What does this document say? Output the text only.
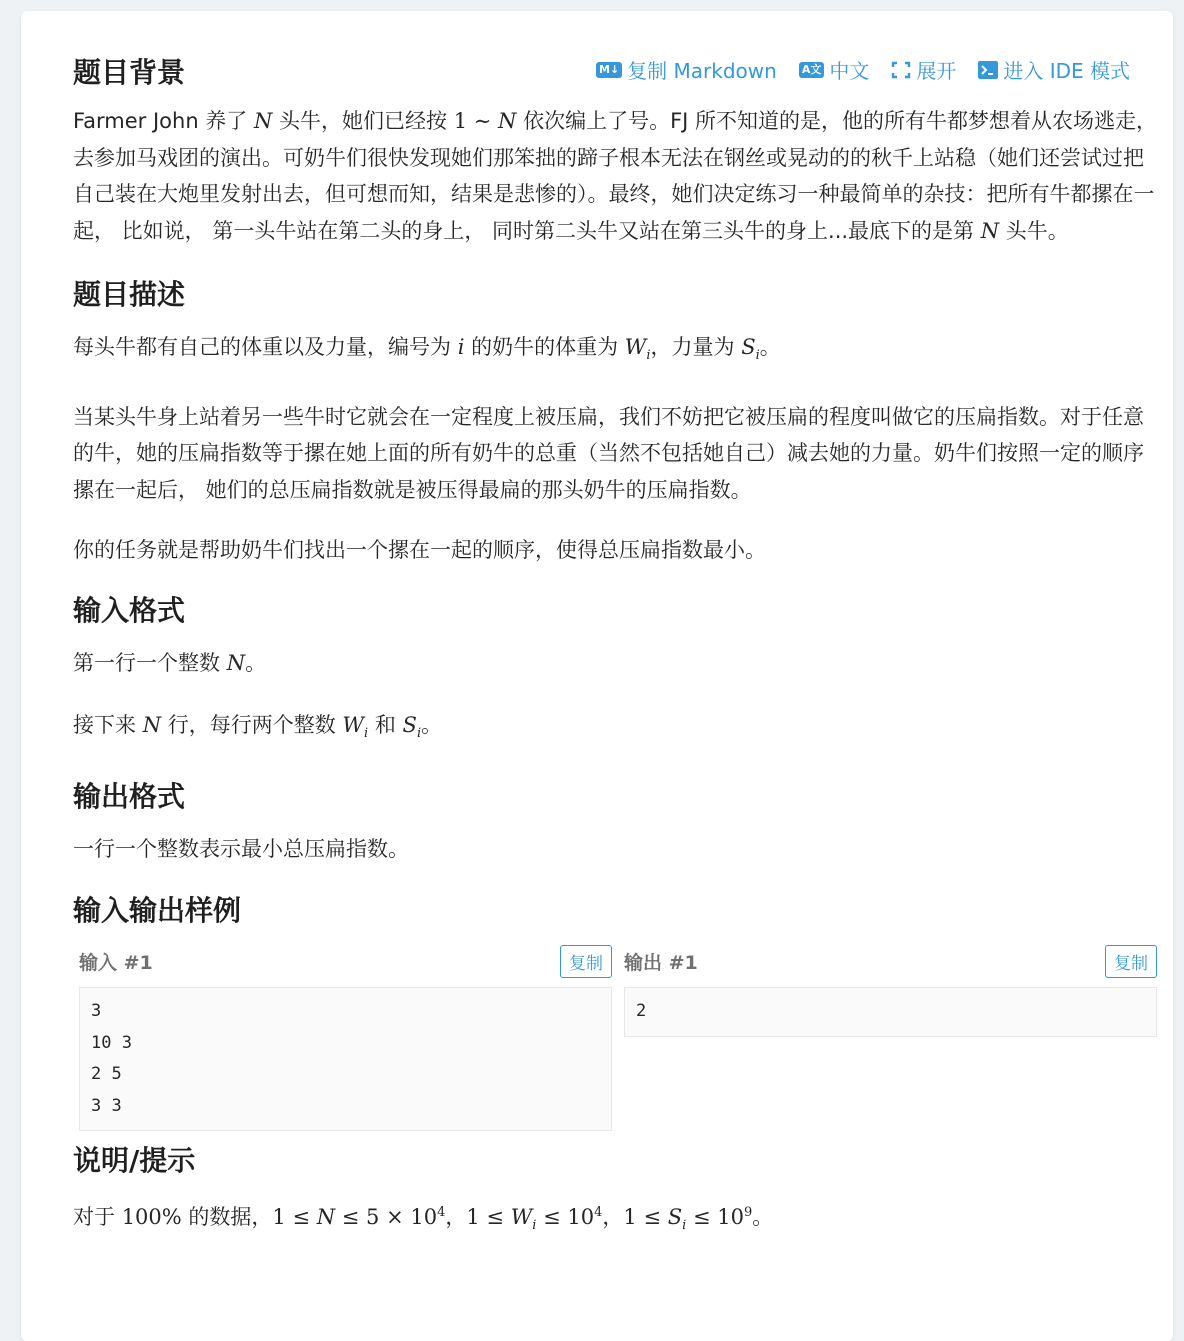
M↓ 复制 Markdown A文 中文 展开 进入 IDE 模式
题目背景

Farmer John 养了 N 头牛，她们已经按 1 ∼ N 依次编上了号。FJ 所不知道的是，他的所有牛都梦想着从农场逃走，去参加马戏团的演出。可奶牛们很快发现她们那笨拙的蹄子根本无法在钢丝或晃动的的秋千上站稳（她们还尝试过把自己装在大炮里发射出去，但可想而知，结果是悲惨的）。最终，她们决定练习一种最简单的杂技：把所有牛都摞在一起， 比如说， 第一头牛站在第二头的身上， 同时第二头牛又站在第三头牛的身上...最底下的是第 N 头牛。

题目描述

每头牛都有自己的体重以及力量，编号为 i 的奶牛的体重为 $W_i$，力量为 $S_i$。

当某头牛身上站着另一些牛时它就会在一定程度上被压扁，我们不妨把它被压扁的程度叫做它的压扁指数。对于任意的牛，她的压扁指数等于摞在她上面的所有奶牛的总重（当然不包括她自己）减去她的力量。奶牛们按照一定的顺序摞在一起后， 她们的总压扁指数就是被压得最扁的那头奶牛的压扁指数。

你的任务就是帮助奶牛们找出一个摞在一起的顺序，使得总压扁指数最小。

输入格式

第一行一个整数 N。

接下来 N 行，每行两个整数 $W_i$ 和 $S_i$。

输出格式

一行一个整数表示最小总压扁指数。

输入输出样例
输入 #1	复制
3
10 3
2 5
3 3
输出 #1	复制
2
说明/提示

对于 100% 的数据，$1 \le N \le 5 \times 10^4$，$1 \le W_i \le 10^4$，$1 \le S_i \le 10^9$。
